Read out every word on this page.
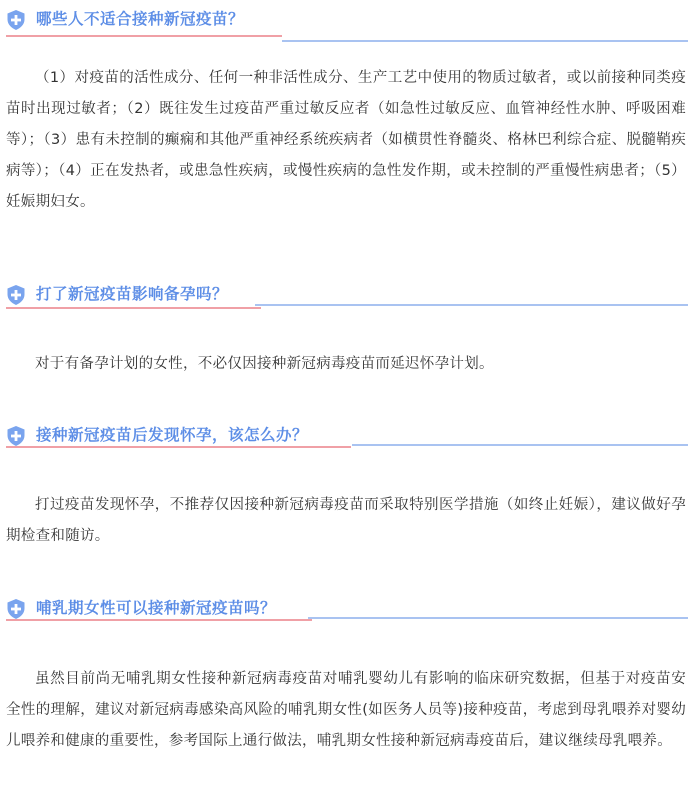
哪些人不适合接种新冠疫苗？

（1）对疫苗的活性成分、任何一种非活性成分、生产工艺中使用的物质过敏者，或以前接种同类疫苗时出现过敏者；（2）既往发生过疫苗严重过敏反应者（如急性过敏反应、血管神经性水肿、呼吸困难等）；（3）患有未控制的癫痫和其他严重神经系统疾病者（如横贯性脊髓炎、格林巴利综合症、脱髓鞘疾病等）；（4）正在发热者，或患急性疾病，或慢性疾病的急性发作期，或未控制的严重慢性病患者；（5）妊娠期妇女。

打了新冠疫苗影响备孕吗？

对于有备孕计划的女性，不必仅因接种新冠病毒疫苗而延迟怀孕计划。

接种新冠疫苗后发现怀孕，该怎么办？

打过疫苗发现怀孕，不推荐仅因接种新冠病毒疫苗而采取特别医学措施（如终止妊娠），建议做好孕期检查和随访。

哺乳期女性可以接种新冠疫苗吗？

虽然目前尚无哺乳期女性接种新冠病毒疫苗对哺乳婴幼儿有影响的临床研究数据，但基于对疫苗安全性的理解，建议对新冠病毒感染高风险的哺乳期女性(如医务人员等)接种疫苗，考虑到母乳喂养对婴幼儿喂养和健康的重要性，参考国际上通行做法，哺乳期女性接种新冠病毒疫苗后，建议继续母乳喂养。
